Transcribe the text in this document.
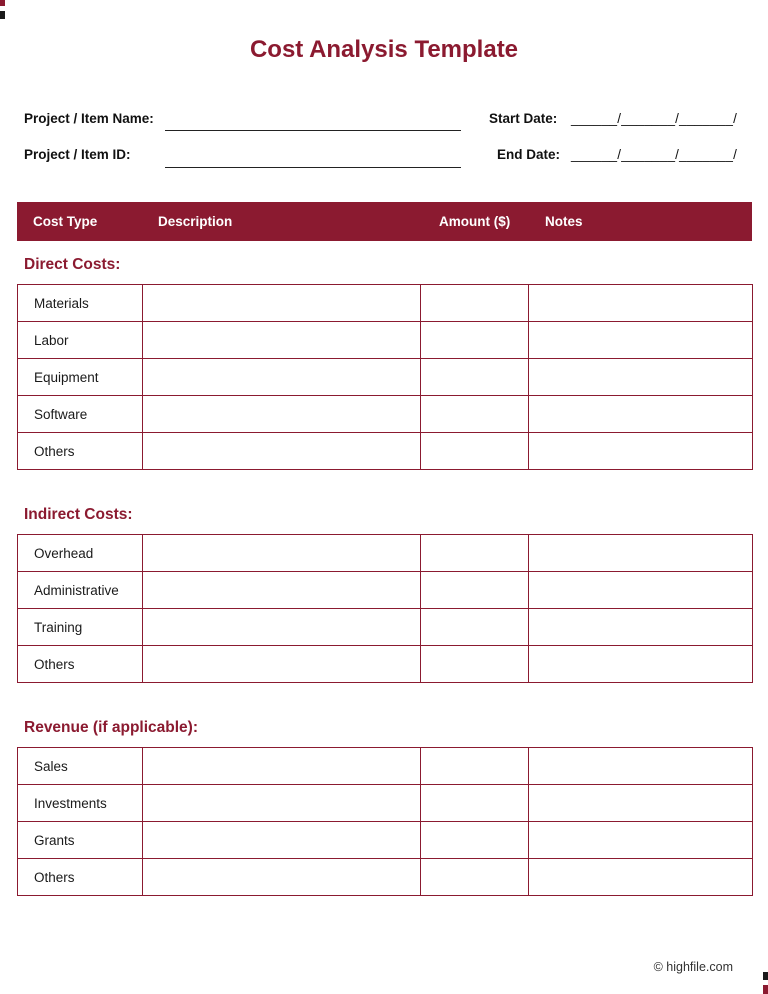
Cost Analysis Template
Project / Item Name:
Project / Item ID:
Start Date: ______/_______/_______/
End Date: ______/_______/_______/
Cost Type	Description	Amount ($)	Notes
Direct Costs:
Materials			
Labor			
Equipment			
Software			
Others			
Indirect Costs:
Overhead			
Administrative			
Training			
Others			
Revenue (if applicable):
Sales			
Investments			
Grants			
Others			
© highfile.com
